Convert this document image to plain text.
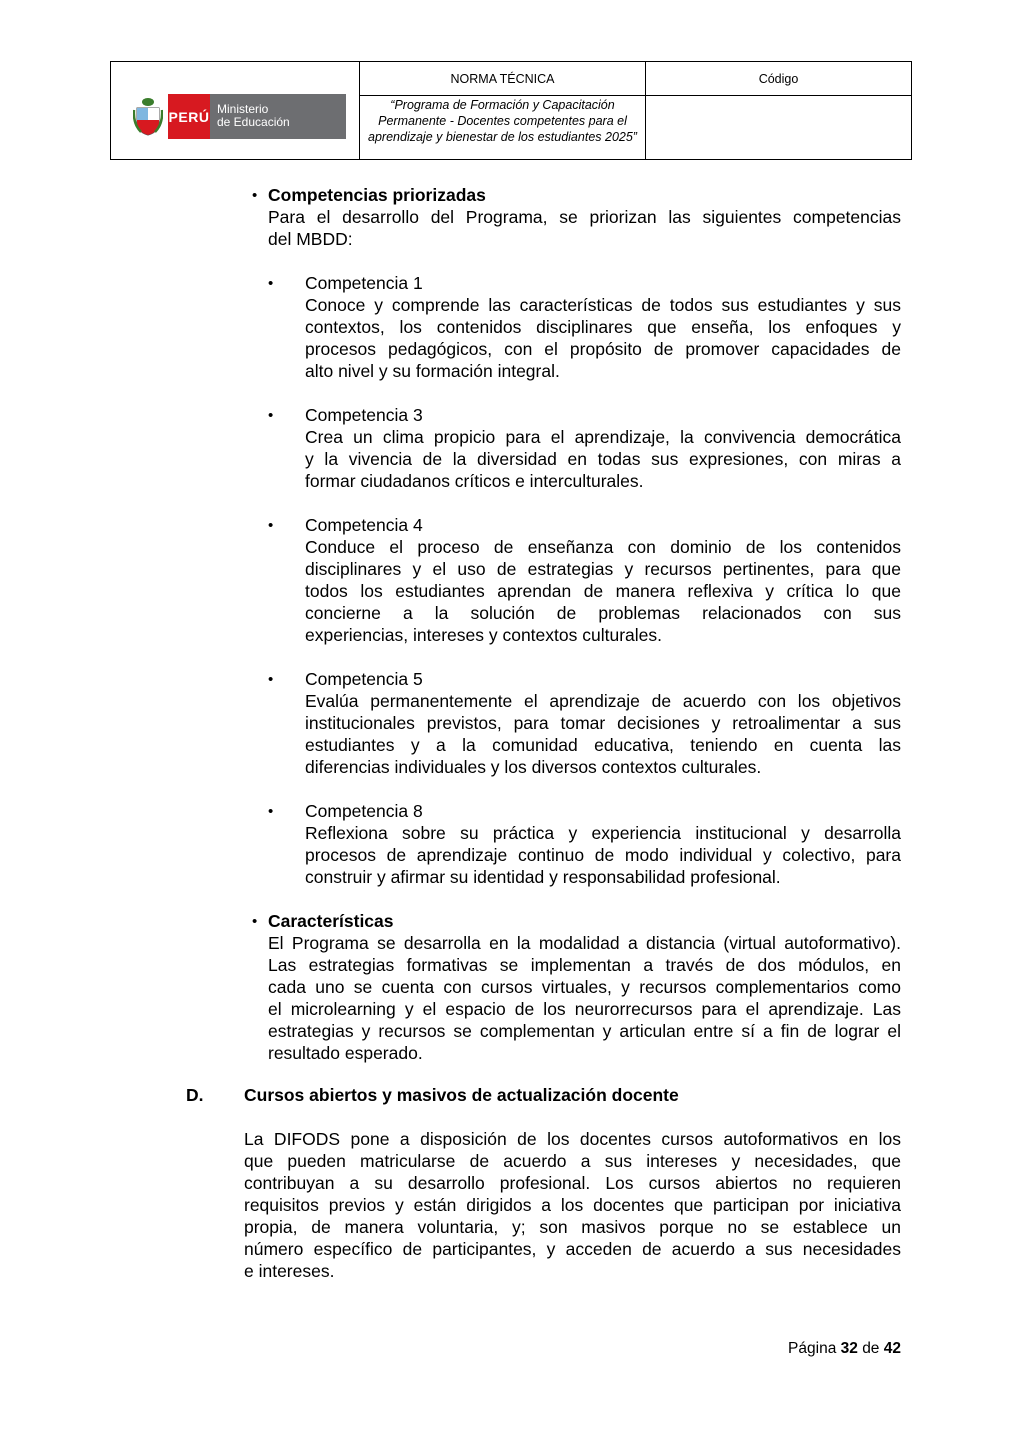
PERÚ Ministerio
de Educación
NORMA TÉCNICA	Código
“Programa de Formación y Capacitación Permanente - Docentes competentes para el aprendizaje y bienestar de los estudiantes 2025”
• Competencias priorizadas
Para el desarrollo del Programa, se priorizan las siguientes competencias
del MBDD:
• Competencia 1
Conoce y comprende las características de todos sus estudiantes y sus
contextos, los contenidos disciplinares que enseña, los enfoques y
procesos pedagógicos, con el propósito de promover capacidades de
alto nivel y su formación integral.
• Competencia 3
Crea un clima propicio para el aprendizaje, la convivencia democrática
y la vivencia de la diversidad en todas sus expresiones, con miras a
formar ciudadanos críticos e interculturales.
• Competencia 4
Conduce el proceso de enseñanza con dominio de los contenidos
disciplinares y el uso de estrategias y recursos pertinentes, para que
todos los estudiantes aprendan de manera reflexiva y crítica lo que
concierne a la solución de problemas relacionados con sus
experiencias, intereses y contextos culturales.
• Competencia 5
Evalúa permanentemente el aprendizaje de acuerdo con los objetivos
institucionales previstos, para tomar decisiones y retroalimentar a sus
estudiantes y a la comunidad educativa, teniendo en cuenta las
diferencias individuales y los diversos contextos culturales.
• Competencia 8
Reflexiona sobre su práctica y experiencia institucional y desarrolla
procesos de aprendizaje continuo de modo individual y colectivo, para
construir y afirmar su identidad y responsabilidad profesional.
• Características
El Programa se desarrolla en la modalidad a distancia (virtual autoformativo).
Las estrategias formativas se implementan a través de dos módulos, en
cada uno se cuenta con cursos virtuales, y recursos complementarios como
el microlearning y el espacio de los neurorrecursos para el aprendizaje. Las
estrategias y recursos se complementan y articulan entre sí a fin de lograr el
resultado esperado.
D. Cursos abiertos y masivos de actualización docente
La DIFODS pone a disposición de los docentes cursos autoformativos en los
que pueden matricularse de acuerdo a sus intereses y necesidades, que
contribuyan a su desarrollo profesional. Los cursos abiertos no requieren
requisitos previos y están dirigidos a los docentes que participan por iniciativa
propia, de manera voluntaria, y; son masivos porque no se establece un
número específico de participantes, y acceden de acuerdo a sus necesidades
e intereses.
Página 32 de 42
